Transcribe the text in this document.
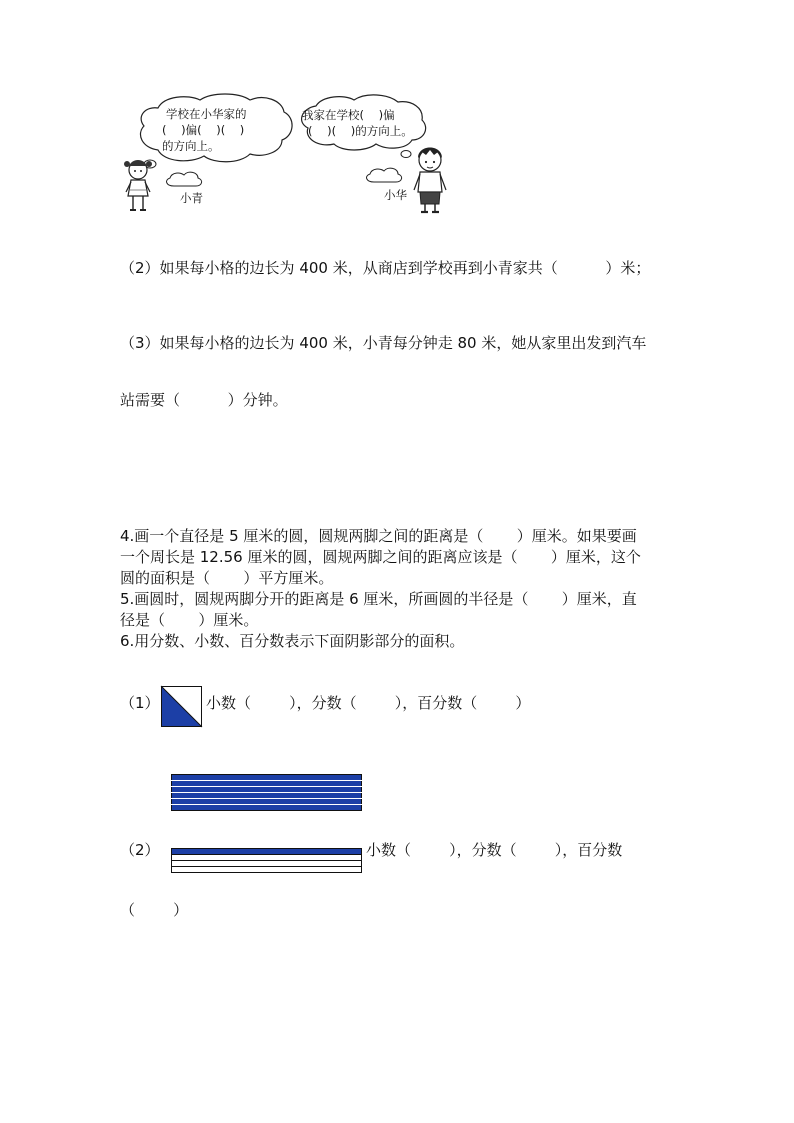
学校在小华家的
(    )偏(    )(    )
的方向上。
我家在学校(    )偏
(    )(    )的方向上。
小青	小华
（2）如果每小格的边长为 400 米，从商店到学校再到小青家共（          ）米；
（3）如果每小格的边长为 400 米，小青每分钟走 80 米，她从家里出发到汽车
站需要（          ）分钟。
4.画一个直径是 5 厘米的圆，圆规两脚之间的距离是（       ）厘米。如果要画
一个周长是 12.56 厘米的圆，圆规两脚之间的距离应该是（       ）厘米，这个
圆的面积是（       ）平方厘米。
5.画圆时，圆规两脚分开的距离是 6 厘米，所画圆的半径是（       ）厘米，直
径是（       ）厘米。
6.用分数、小数、百分数表示下面阴影部分的面积。
（1）	小数（        ），分数（        ），百分数（        ）
（2）	小数（        ），分数（        ），百分数
（        ）
